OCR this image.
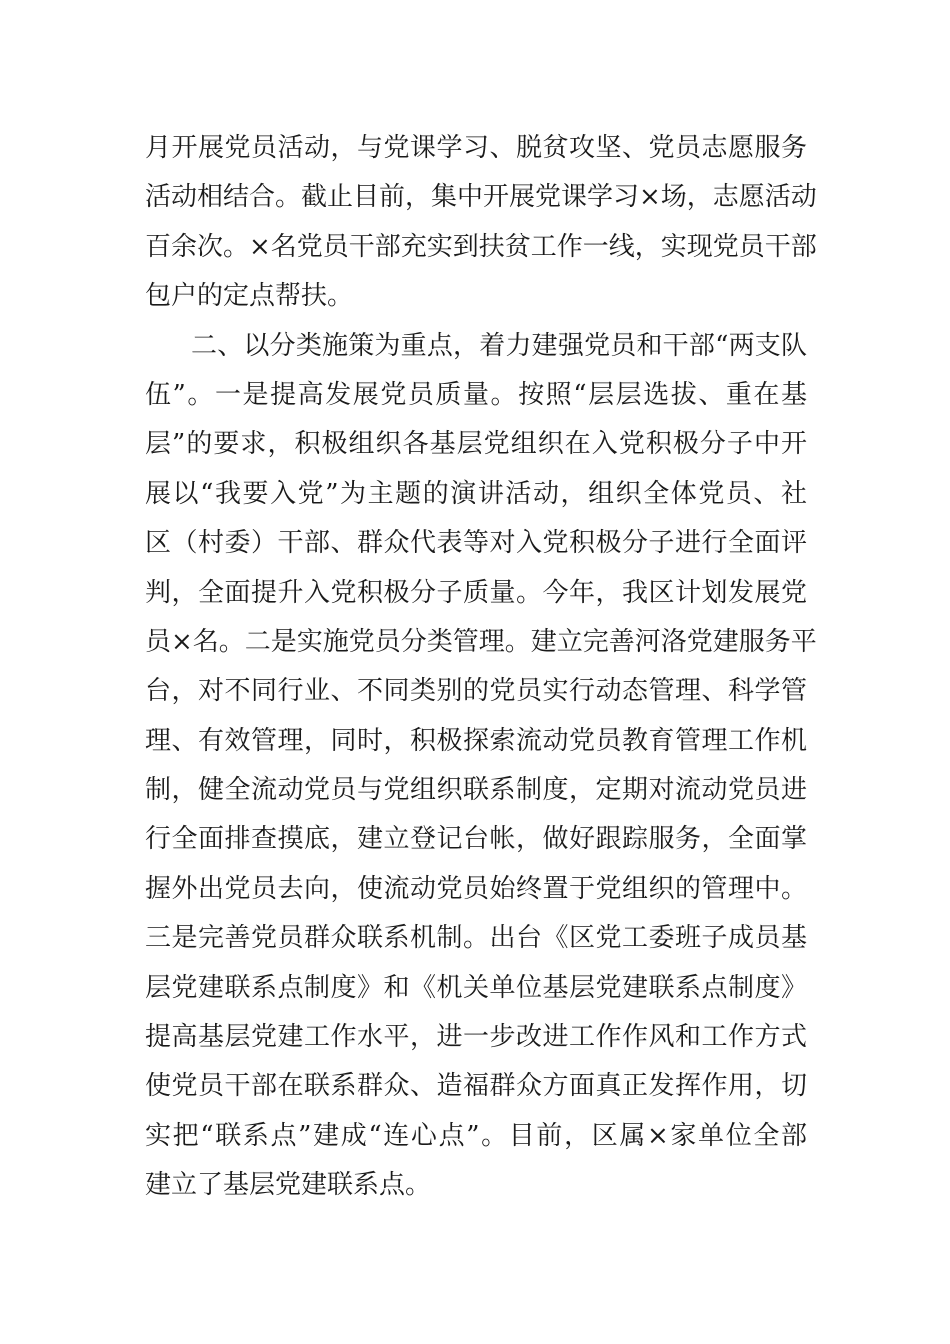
月开展党员活动，与党课学习、脱贫攻坚、党员志愿服务
活动相结合。截止目前，集中开展党课学习×场，志愿活动
百余次。×名党员干部充实到扶贫工作一线，实现党员干部
包户的定点帮扶。
二、以分类施策为重点，着力建强党员和干部“两支队
伍”。一是提高发展党员质量。按照“层层选拔、重在基
层”的要求，积极组织各基层党组织在入党积极分子中开
展以“我要入党”为主题的演讲活动，组织全体党员、社
区（村委）干部、群众代表等对入党积极分子进行全面评
判，全面提升入党积极分子质量。今年，我区计划发展党
员×名。二是实施党员分类管理。建立完善河洛党建服务平
台，对不同行业、不同类别的党员实行动态管理、科学管
理、有效管理，同时，积极探索流动党员教育管理工作机
制，健全流动党员与党组织联系制度，定期对流动党员进
行全面排查摸底，建立登记台帐，做好跟踪服务，全面掌
握外出党员去向，使流动党员始终置于党组织的管理中。
三是完善党员群众联系机制。出台《区党工委班子成员基
层党建联系点制度》和《机关单位基层党建联系点制度》
提高基层党建工作水平，进一步改进工作作风和工作方式
使党员干部在联系群众、造福群众方面真正发挥作用，切
实把“联系点”建成“连心点”。目前，区属×家单位全部
建立了基层党建联系点。
